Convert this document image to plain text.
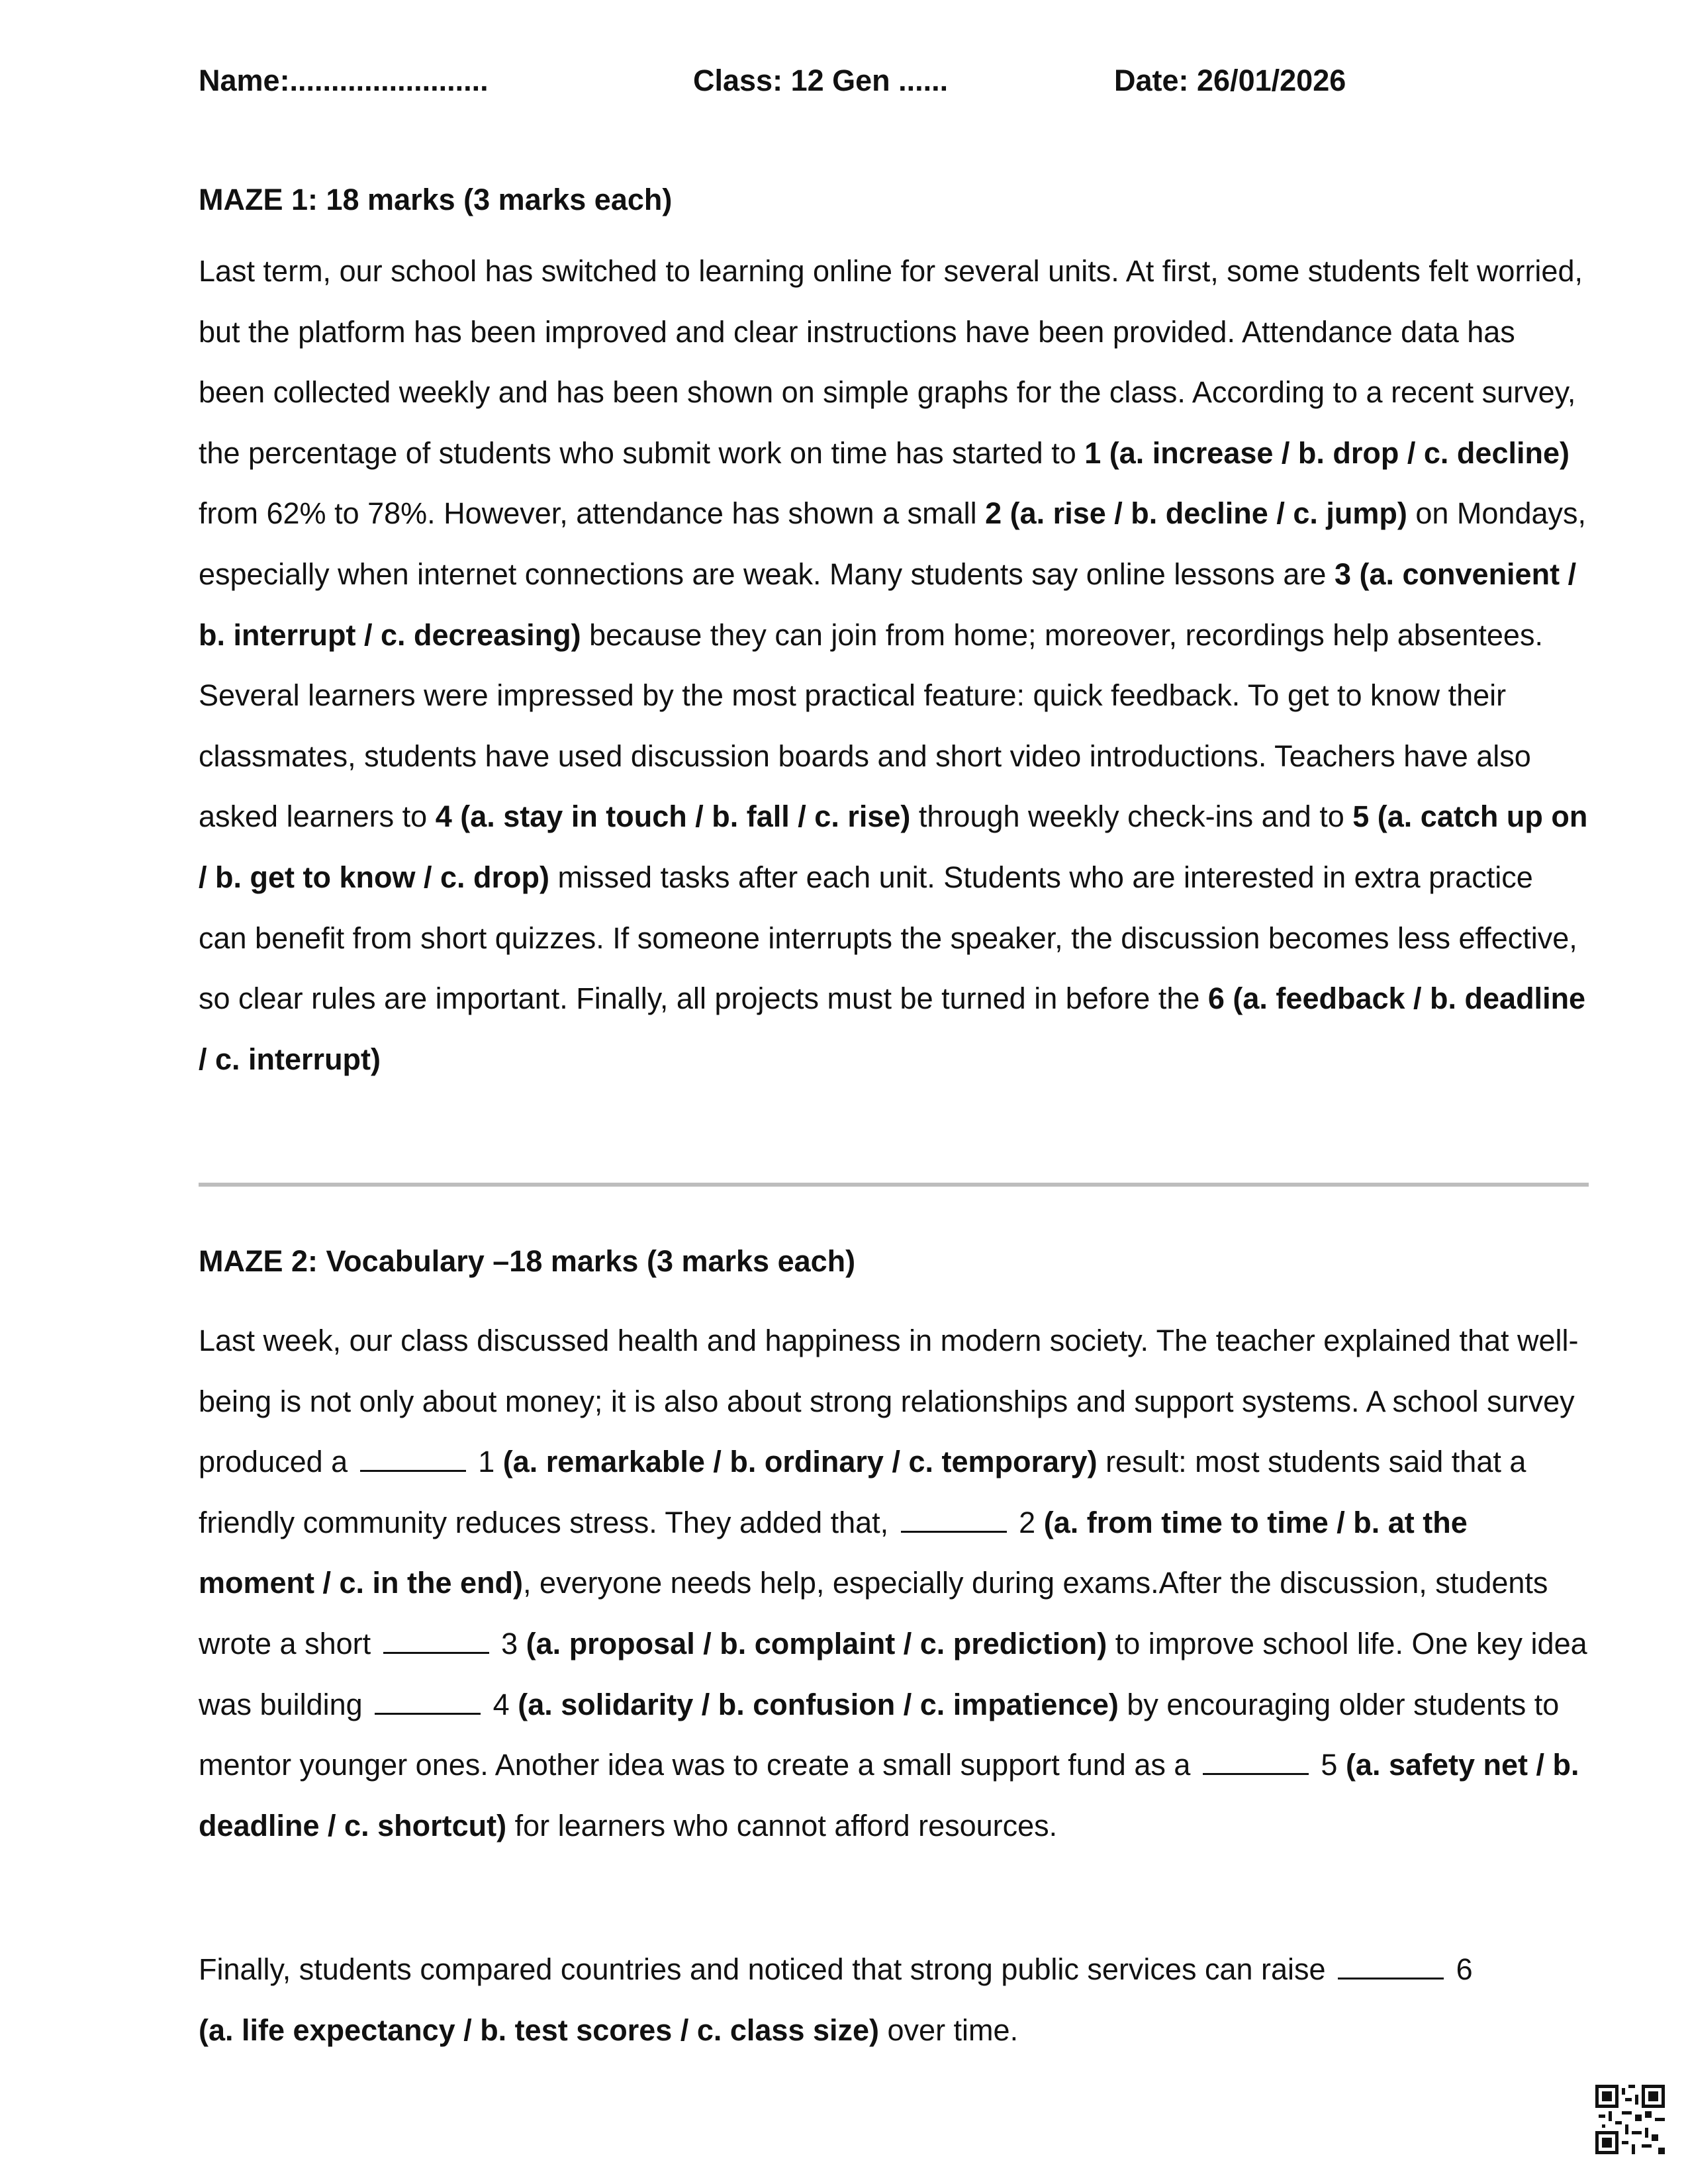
Name:........................	Class: 12 Gen ......	Date: 26/01/2026
MAZE 1: 18 marks (3 marks each)

Last term, our school has switched to learning online for several units. At first, some students felt worried, but the platform has been improved and clear instructions have been provided. Attendance data has been collected weekly and has been shown on simple graphs for the class. According to a recent survey, the percentage of students who submit work on time has started to 1 (a. increase / b. drop / c. decline) from 62% to 78%. However, attendance has shown a small 2 (a. rise / b. decline / c. jump) on Mondays, especially when internet connections are weak. Many students say online lessons are 3 (a. convenient / b. interrupt / c. decreasing) because they can join from home; moreover, recordings help absentees. Several learners were impressed by the most practical feature: quick feedback. To get to know their classmates, students have used discussion boards and short video introductions. Teachers have also asked learners to 4 (a. stay in touch / b. fall / c. rise) through weekly check-ins and to 5 (a. catch up on / b. get to know / c. drop) missed tasks after each unit. Students who are interested in extra practice can benefit from short quizzes. If someone interrupts the speaker, the discussion becomes less effective, so clear rules are important. Finally, all projects must be turned in before the 6 (a. feedback / b. deadline / c. interrupt)

MAZE 2: Vocabulary –18 marks (3 marks each)

Last week, our class discussed health and happiness in modern society. The teacher explained that well-being is not only about money; it is also about strong relationships and support systems. A school survey produced a	1 (a. remarkable / b. ordinary / c. temporary) result: most students said that a friendly community reduces stress. They added that,	2 (a. from time to time / b. at the moment / c. in the end), everyone needs help, especially during exams.After the discussion, students wrote a short	3 (a. proposal / b. complaint / c. prediction) to improve school life. One key idea was building	4 (a. solidarity / b. confusion / c. impatience) by encouraging older students to mentor younger ones. Another idea was to create a small support fund as a	5 (a. safety net / b. deadline / c. shortcut) for learners who cannot afford resources.

Finally, students compared countries and noticed that strong public services can raise	6
(a. life expectancy / b. test scores / c. class size) over time.
